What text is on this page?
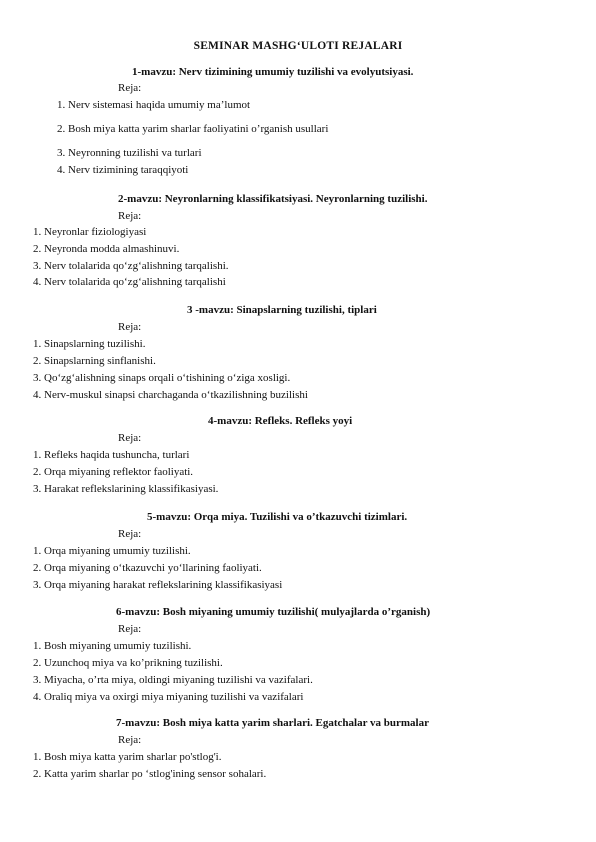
SEMINAR MASHG‘ULOTI REJALARI
1-mavzu: Nerv tizimining umumiy tuzilishi va evolyutsiyasi.
Reja:
1. Nerv sistemasi haqida umumiy ma’lumot
2. Bosh miya katta yarim sharlar faoliyatini o’rganish usullari
3. Neyronning tuzilishi va turlari
4. Nerv tizimining taraqqiyoti
2-mavzu: Neyronlarning klassifikatsiyasi. Neyronlarning tuzilishi.
Reja:
1. Neyronlar fiziologiyasi
2. Neyronda modda almashinuvi.
3. Nerv tolalarida qo‘zg‘alishning tarqalishi.
4. Nerv tolalarida qo‘zg‘alishning tarqalishi
3 -mavzu: Sinapslarning tuzilishi, tiplari
Reja:
1. Sinapslarning tuzilishi.
2. Sinapslarning sinflanishi.
3. Qo‘zg‘alishning sinaps orqali o‘tishining o‘ziga xosligi.
4. Nerv-muskul sinapsi charchaganda o‘tkazilishning buzilishi
4-mavzu: Refleks. Refleks yoyi
Reja:
1. Refleks haqida tushuncha, turlari
2. Orqa miyaning reflektor faoliyati.
3. Harakat reflekslarining klassifikasiyasi.
5-mavzu: Orqa miya. Tuzilishi va o’tkazuvchi tizimlari.
Reja:
1. Orqa miyaning umumiy tuzilishi.
2. Orqa miyaning o‘tkazuvchi yo‘llarining faoliyati.
3. Orqa miyaning harakat reflekslarining klassifikasiyasi
6-mavzu: Bosh miyaning umumiy tuzilishi( mulyajlarda o’rganish)
Reja:
1. Bosh miyaning umumiy tuzilishi.
2. Uzunchoq miya va ko’prikning tuzilishi.
3. Miyacha, o’rta miya, oldingi miyaning tuzilishi va vazifalari.
4. Oraliq miya va oxirgi miya miyaning tuzilishi va vazifalari
7-mavzu: Bosh miya katta yarim sharlari. Egatchalar va burmalar
Reja:
1. Bosh miya katta yarim sharlar po'stlog'i.
2. Katta yarim sharlar po ‘stlog'ining sensor sohalari.
